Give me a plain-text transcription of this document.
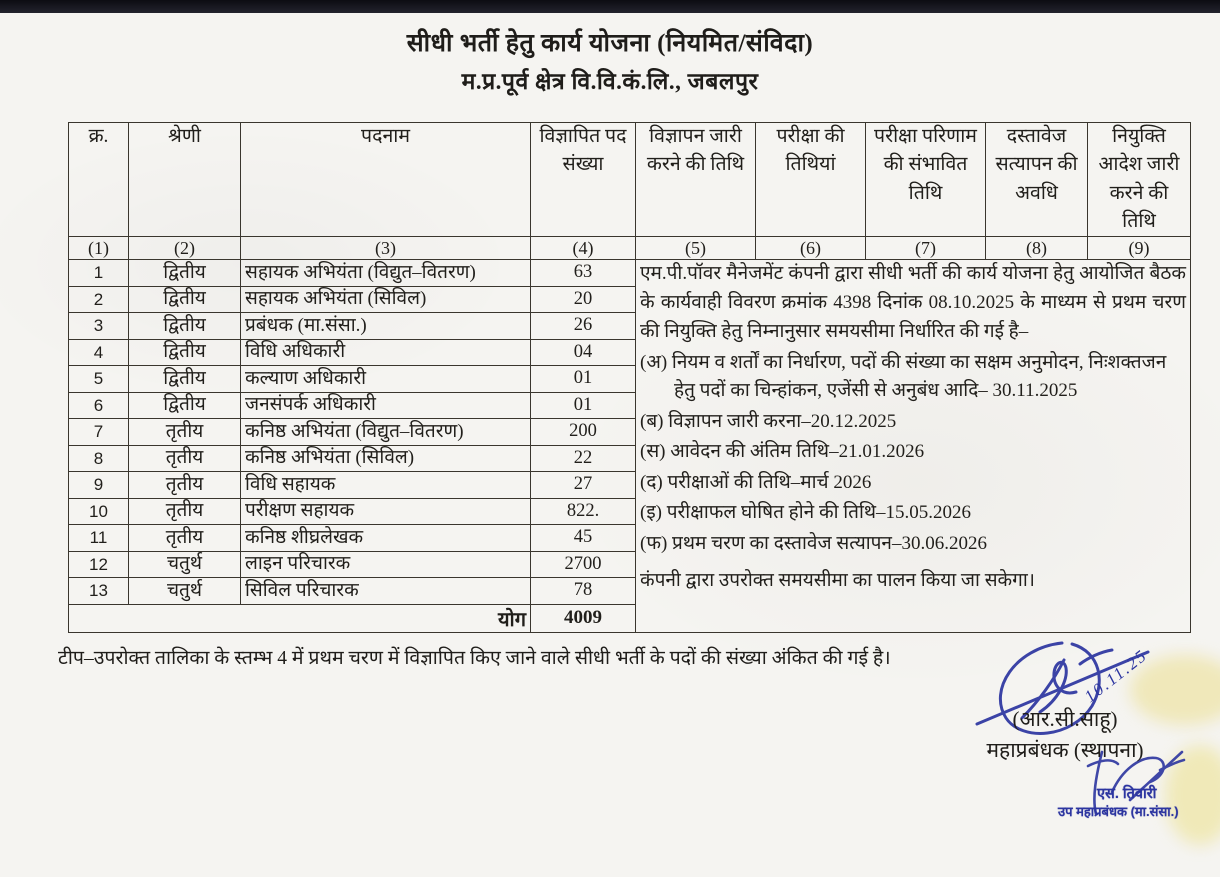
सीधी भर्ती हेतु कार्य योजना (नियमित/संविदा)
म.प्र.पूर्व क्षेत्र वि.वि.कं.लि., जबलपुर
क्र.	श्रेणी	पदनाम	विज्ञापित पद संख्या	विज्ञापन जारी करने की तिथि	परीक्षा की तिथियां	परीक्षा परिणाम की संभावित तिथि	दस्तावेज सत्यापन की अवधि	नियुक्ति आदेश जारी करने की तिथि
(1)	(2)	(3)	(4)	(5)	(6)	(7)	(8)	(9)
1	द्वितीय	सहायक अभियंता (विद्युत–वितरण)	63	एम.पी.पॉवर मैनेजमेंट कंपनी द्वारा सीधी भर्ती की कार्य योजना हेतु आयोजित बैठक के कार्यवाही विवरण क्रमांक 4398 दिनांक 08.10.2025 के माध्यम से प्रथम चरण की नियुक्ति हेतु निम्नानुसार समयसीमा निर्धारित की गई है–
(अ) नियम व शर्तों का निर्धारण, पदों की संख्या का सक्षम अनुमोदन, निःशक्तजन हेतु पदों का चिन्हांकन, एजेंसी से अनुबंध आदि– 30.11.2025
(ब) विज्ञापन जारी करना–20.12.2025
(स) आवेदन की अंतिम तिथि–21.01.2026
(द) परीक्षाओं की तिथि–मार्च 2026
(इ) परीक्षाफल घोषित होने की तिथि–15.05.2026
(फ) प्रथम चरण का दस्तावेज सत्यापन–30.06.2026
कंपनी द्वारा उपरोक्त समयसीमा का पालन किया जा सकेगा।

2	द्वितीय	सहायक अभियंता (सिविल)	20					
3	द्वितीय	प्रबंधक (मा.संसा.)	26					
4	द्वितीय	विधि अधिकारी	04					
5	द्वितीय	कल्याण अधिकारी	01					
6	द्वितीय	जनसंपर्क अधिकारी	01					
7	तृतीय	कनिष्ठ अभियंता (विद्युत–वितरण)	200					
8	तृतीय	कनिष्ठ अभियंता (सिविल)	22					
9	तृतीय	विधि सहायक	27					
10	तृतीय	परीक्षण सहायक	822.					
11	तृतीय	कनिष्ठ शीघ्रलेखक	45					
12	चतुर्थ	लाइन परिचारक	2700					
13	चतुर्थ	सिविल परिचारक	78					
योग			4009					
टीप–उपरोक्त तालिका के स्तम्भ 4 में प्रथम चरण में विज्ञापित किए जाने वाले सीधी भर्ती के पदों की संख्या अंकित की गई है।	10.11.25
(आर.सी.साहू)
महाप्रबंधक (स्थापना)
एस. तिवारी
उप महाप्रबंधक (मा.संसा.)
